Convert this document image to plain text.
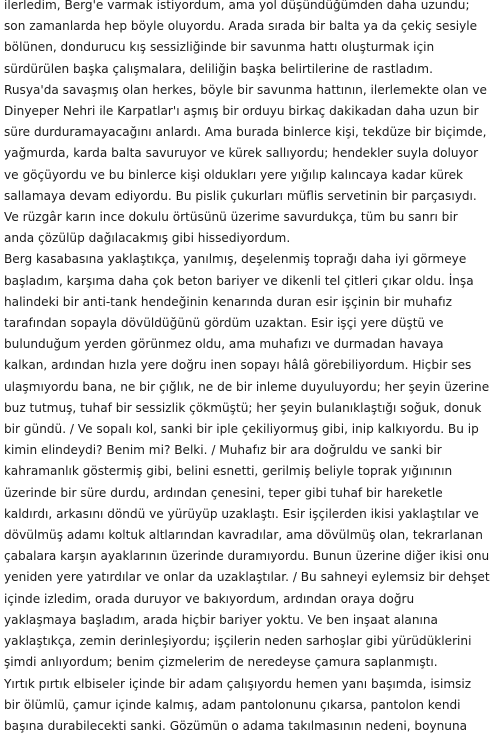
ilerledim, Berg'e varmak istiyordum, ama yol düşündüğümden daha uzundu;
son zamanlarda hep böyle oluyordu. Arada sırada bir balta ya da çekiç sesiyle
bölünen, donduruсu kış sessizliğinde bir savunma hattı oluşturmak için
sürdürülen başka çalışmalara, deliliğin başka belirtilerine de rastladım.
Rusya'da savaşmış olan herkes, böyle bir savunma hattının, ilerlemekte olan ve
Dinyeper Nehri ile Karpatlar'ı aşmış bir orduyu birkaç dakikadan daha uzun bir
süre durduramayacağını anlardı. Ama burada binlerce kişi, tekdüze bir biçimde,
yağmurda, karda balta savuruyor ve kürek sallıyordu; hendekler suyla doluyor
ve göçüyordu ve bu binlerce kişi oldukları yere yığılıp kalıncaya kadar kürek
sallamaya devam ediyordu. Bu pislik çukurları müflis servetinin bir parçasıydı.
Ve rüzgâr karın ince dokulu örtüsünü üzerime savurdukça, tüm bu sanrı bir
anda çözülüp dağılacakmış gibi hissediyordum.
Berg kasabasına yaklaştıkça, yanılmış, deşelenmiş toprağı daha iyi görmeye
başladım, karşıma daha çok beton bariyer ve dikenli tel çitleri çıkar oldu. İnşa
halindeki bir anti-tank hendeğinin kenarında duran esir işçinin bir muhafız
tarafından sopayla dövüldüğünü gördüm uzaktan. Esir işçi yere düştü ve
bulunduğum yerden görünmez oldu, ama muhafızı ve durmadan havaya
kalkan, ardından hızla yere doğru inen sopayı hâlâ görebiliyordum. Hiçbir ses
ulaşmıyordu bana, ne bir çığlık, ne de bir inleme duyuluyordu; her şeyin üzerine
buz tutmuş, tuhaf bir sessizlik çökmüştü; her şeyin bulanıklaştığı soğuk, donuk
bir gündü. / Ve sopalı kol, sanki bir iple çekiliyormuş gibi, inip kalkıyordu. Bu ip
kimin elindeydi? Benim mi? Belki. / Muhafız bir ara doğruldu ve sanki bir
kahramanlık göstermiş gibi, belini esnetti, gerilmiş beliyle toprak yığınının
üzerinde bir süre durdu, ardından çenesini, teper gibi tuhaf bir hareketle
kaldırdı, arkasını döndü ve yürüyüp uzaklaştı. Esir işçilerden ikisi yaklaştılar ve
dövülmüş adamı koltuk altlarından kavradılar, ama dövülmüş olan, tekrarlanan
çabalara karşın ayaklarının üzerinde duramıyordu. Bunun üzerine diğer ikisi onu
yeniden yere yatırdılar ve onlar da uzaklaştılar. / Bu sahneyi eylemsiz bir dehşet
içinde izledim, orada duruyor ve bakıyordum, ardından oraya doğru
yaklaşmaya başladım, arada hiçbir bariyer yoktu. Ve ben inşaat alanına
yaklaştıkça, zemin derinleşiyordu; işçilerin neden sarhoşlar gibi yürüdüklerini
şimdi anlıyordum; benim çizmelerim de neredeyse çamura saplanmıştı.
Yırtık pırtık elbiseler içinde bir adam çalışıyordu hemen yanı başımda, isimsiz
bir ölümlü, çamur içinde kalmış, adam pantolonunu çıkarsa, pantolon kendi
başına durabilecekti sanki. Gözümün o adama takılmasının nedeni, boynuna
